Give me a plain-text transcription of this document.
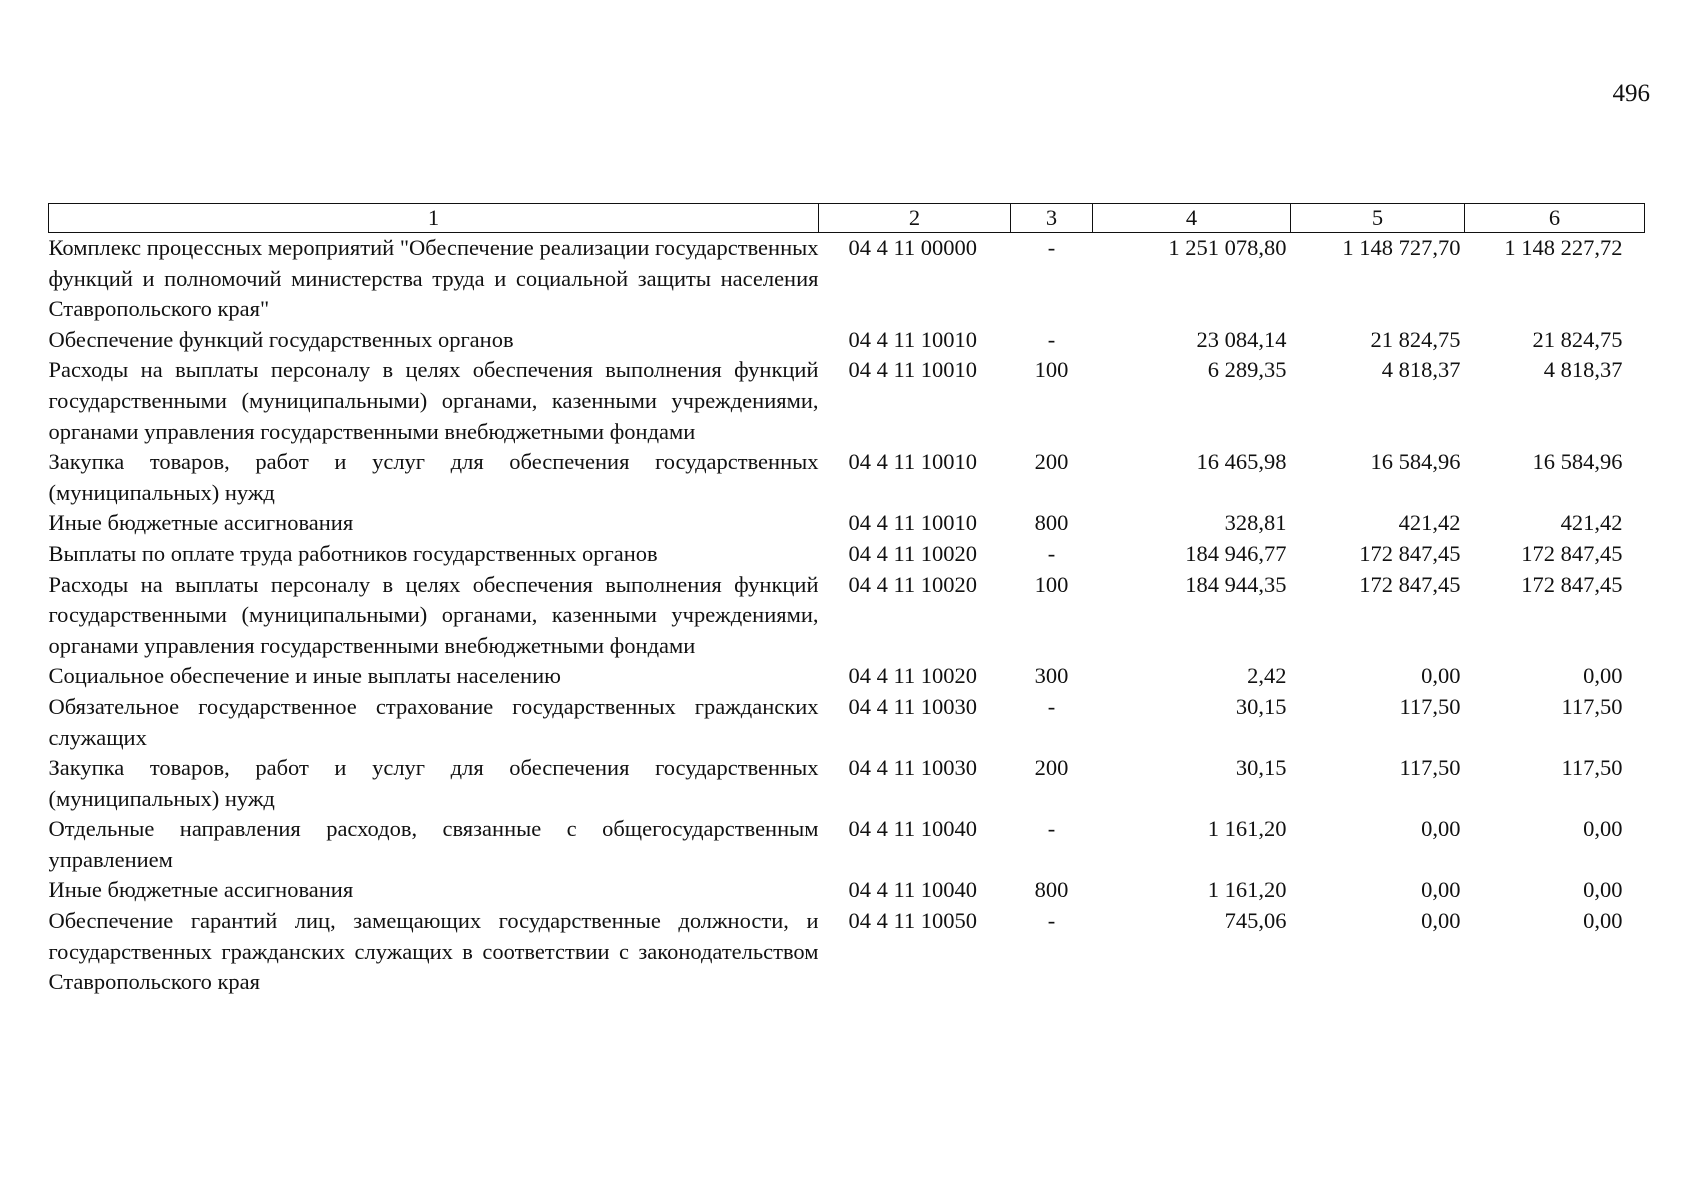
496
1	2	3	4	5	6
Комплекс процессных мероприятий "Обеспечение реализации государственных функций и полномочий министерства труда и социальной защиты населения Ставропольского края"	04 4 11 00000	-	1 251 078,80	1 148 727,70	1 148 227,72
Обеспечение функций государственных органов	04 4 11 10010	-	23 084,14	21 824,75	21 824,75
Расходы на выплаты персоналу в целях обеспечения выполнения функций государственными (муниципальными) органами, казенными учреждениями, органами управления государственными внебюджетными фондами	04 4 11 10010	100	6 289,35	4 818,37	4 818,37
Закупка товаров, работ и услуг для обеспечения государственных (муниципальных) нужд	04 4 11 10010	200	16 465,98	16 584,96	16 584,96
Иные бюджетные ассигнования	04 4 11 10010	800	328,81	421,42	421,42
Выплаты по оплате труда работников государственных органов	04 4 11 10020	-	184 946,77	172 847,45	172 847,45
Расходы на выплаты персоналу в целях обеспечения выполнения функций государственными (муниципальными) органами, казенными учреждениями, органами управления государственными внебюджетными фондами	04 4 11 10020	100	184 944,35	172 847,45	172 847,45
Социальное обеспечение и иные выплаты населению	04 4 11 10020	300	2,42	0,00	0,00
Обязательное государственное страхование государственных гражданских служащих	04 4 11 10030	-	30,15	117,50	117,50
Закупка товаров, работ и услуг для обеспечения государственных (муниципальных) нужд	04 4 11 10030	200	30,15	117,50	117,50
Отдельные направления расходов, связанные с общегосударственным управлением	04 4 11 10040	-	1 161,20	0,00	0,00
Иные бюджетные ассигнования	04 4 11 10040	800	1 161,20	0,00	0,00
Обеспечение гарантий лиц, замещающих государственные должности, и государственных гражданских служащих в соответствии с законодательством Ставропольского края	04 4 11 10050	-	745,06	0,00	0,00
